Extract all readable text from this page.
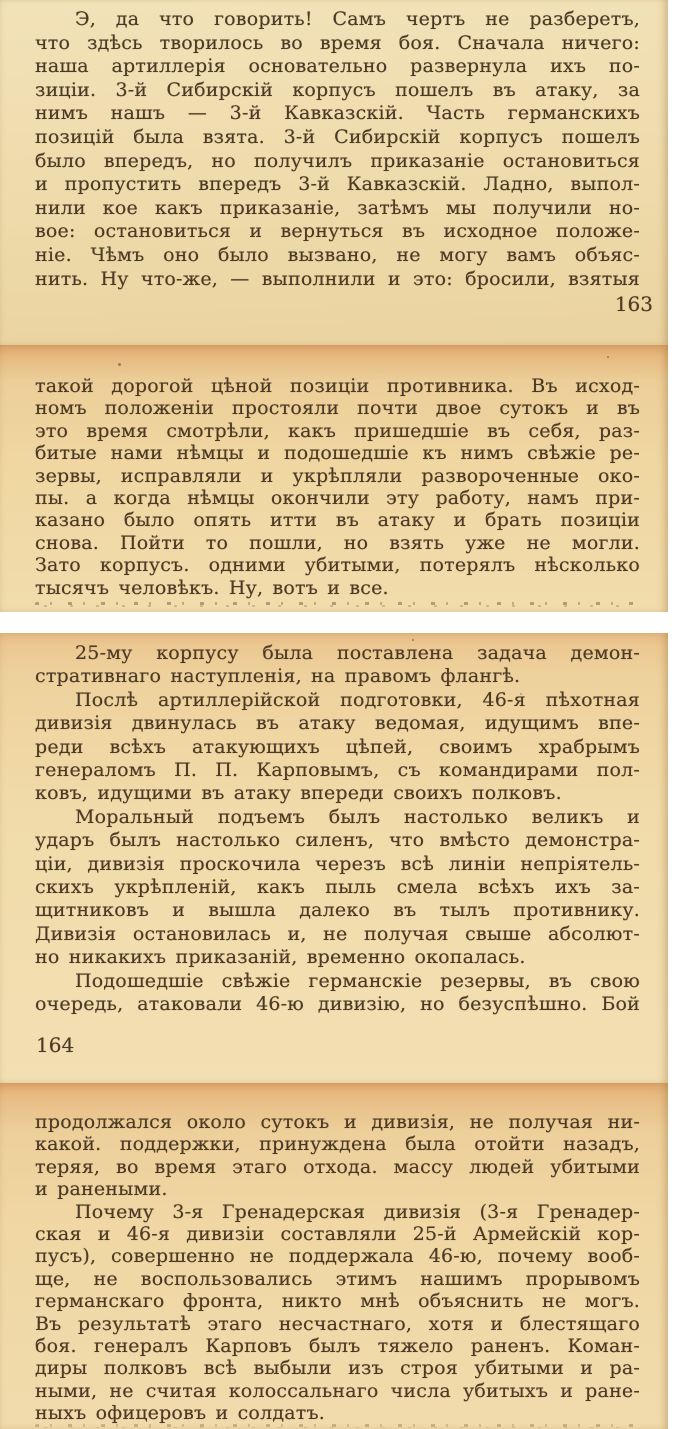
Э, да что говорить! Самъ чертъ не разберетъ,
что здѣсь творилось во время боя. Сначала ничего:
наша артиллерія основательно развернула ихъ по-
зиціи. 3-й Сибирскій корпусъ пошелъ въ атаку, за
нимъ нашъ — 3-й Кавказскій. Часть германскихъ
позицій была взята. 3-й Сибирскій корпусъ пошелъ
было впередъ, но получилъ приказаніе остановиться
и пропустить впередъ 3-й Кавказскій. Ладно, выпол-
нили кое какъ приказаніе, затѣмъ мы получили но-
вое: остановиться и вернуться въ исходное положе-
ніе. Чѣмъ оно было вызвано, не могу вамъ объяс-
нить. Ну что-же, — выполнили и это: бросили, взятыя
163
такой дорогой цѣной позиціи противника. Въ исход-
номъ положеніи простояли почти двое сутокъ и въ
это время смотрѣли, какъ пришедшіе въ себя, раз-
битые нами нѣмцы и подошедшіе къ нимъ свѣжіе ре-
зервы, исправляли и укрѣпляли развороченные око-
пы. а когда нѣмцы окончили эту работу, намъ при-
казано было опять итти въ атаку и брать позиціи
снова. Пойти то пошли, но взять уже не могли.
Зато корпусъ. одними убитыми, потерялъ нѣсколько
тысячъ человѣкъ. Ну, вотъ и все.
25-му корпусу была поставлена задача демон-
стративнаго наступленія, на правомъ флангѣ.
Послѣ артиллерійской подготовки, 46-я пѣхотная
дивизія двинулась въ атаку ведомая, идущимъ впе-
реди всѣхъ атакующихъ цѣпей, своимъ храбрымъ
генераломъ П. П. Карповымъ, съ командирами пол-
ковъ, идущими въ атаку впереди своихъ полковъ.
Моральный подъемъ былъ настолько великъ и
ударъ былъ настолько силенъ, что вмѣсто демонстра-
ціи, дивизія проскочила черезъ всѣ линіи непріятель-
скихъ укрѣпленій, какъ пыль смела всѣхъ ихъ за-
щитниковъ и вышла далеко въ тылъ противнику.
Дивизія остановилась и, не получая свыше абсолют-
но никакихъ приказаній, временно окопалась.
Подошедшіе свѣжіе германскіе резервы, въ свою
очередь, атаковали 46-ю дивизію, но безуспѣшно. Бой
164
продолжался около сутокъ и дивизія, не получая ни-
какой. поддержки, принуждена была отойти назадъ,
теряя, во время этаго отхода. массу людей убитыми
и ранеными.
Почему 3-я Гренадерская дивизія (3-я Гренадер-
ская и 46-я дивизіи составляли 25-й Армейскій кор-
пусъ), совершенно не поддержала 46-ю, почему вооб-
ще, не воспользовались этимъ нашимъ прорывомъ
германскаго фронта, никто мнѣ объяснить не могъ.
Въ результатѣ этаго несчастнаго, хотя и блестящаго
боя. генералъ Карповъ былъ тяжело раненъ. Коман-
диры полковъ всѣ выбыли изъ строя убитыми и ра-
ными, не считая колоссальнаго числа убитыхъ и ране-
ныхъ офицеровъ и солдатъ.
